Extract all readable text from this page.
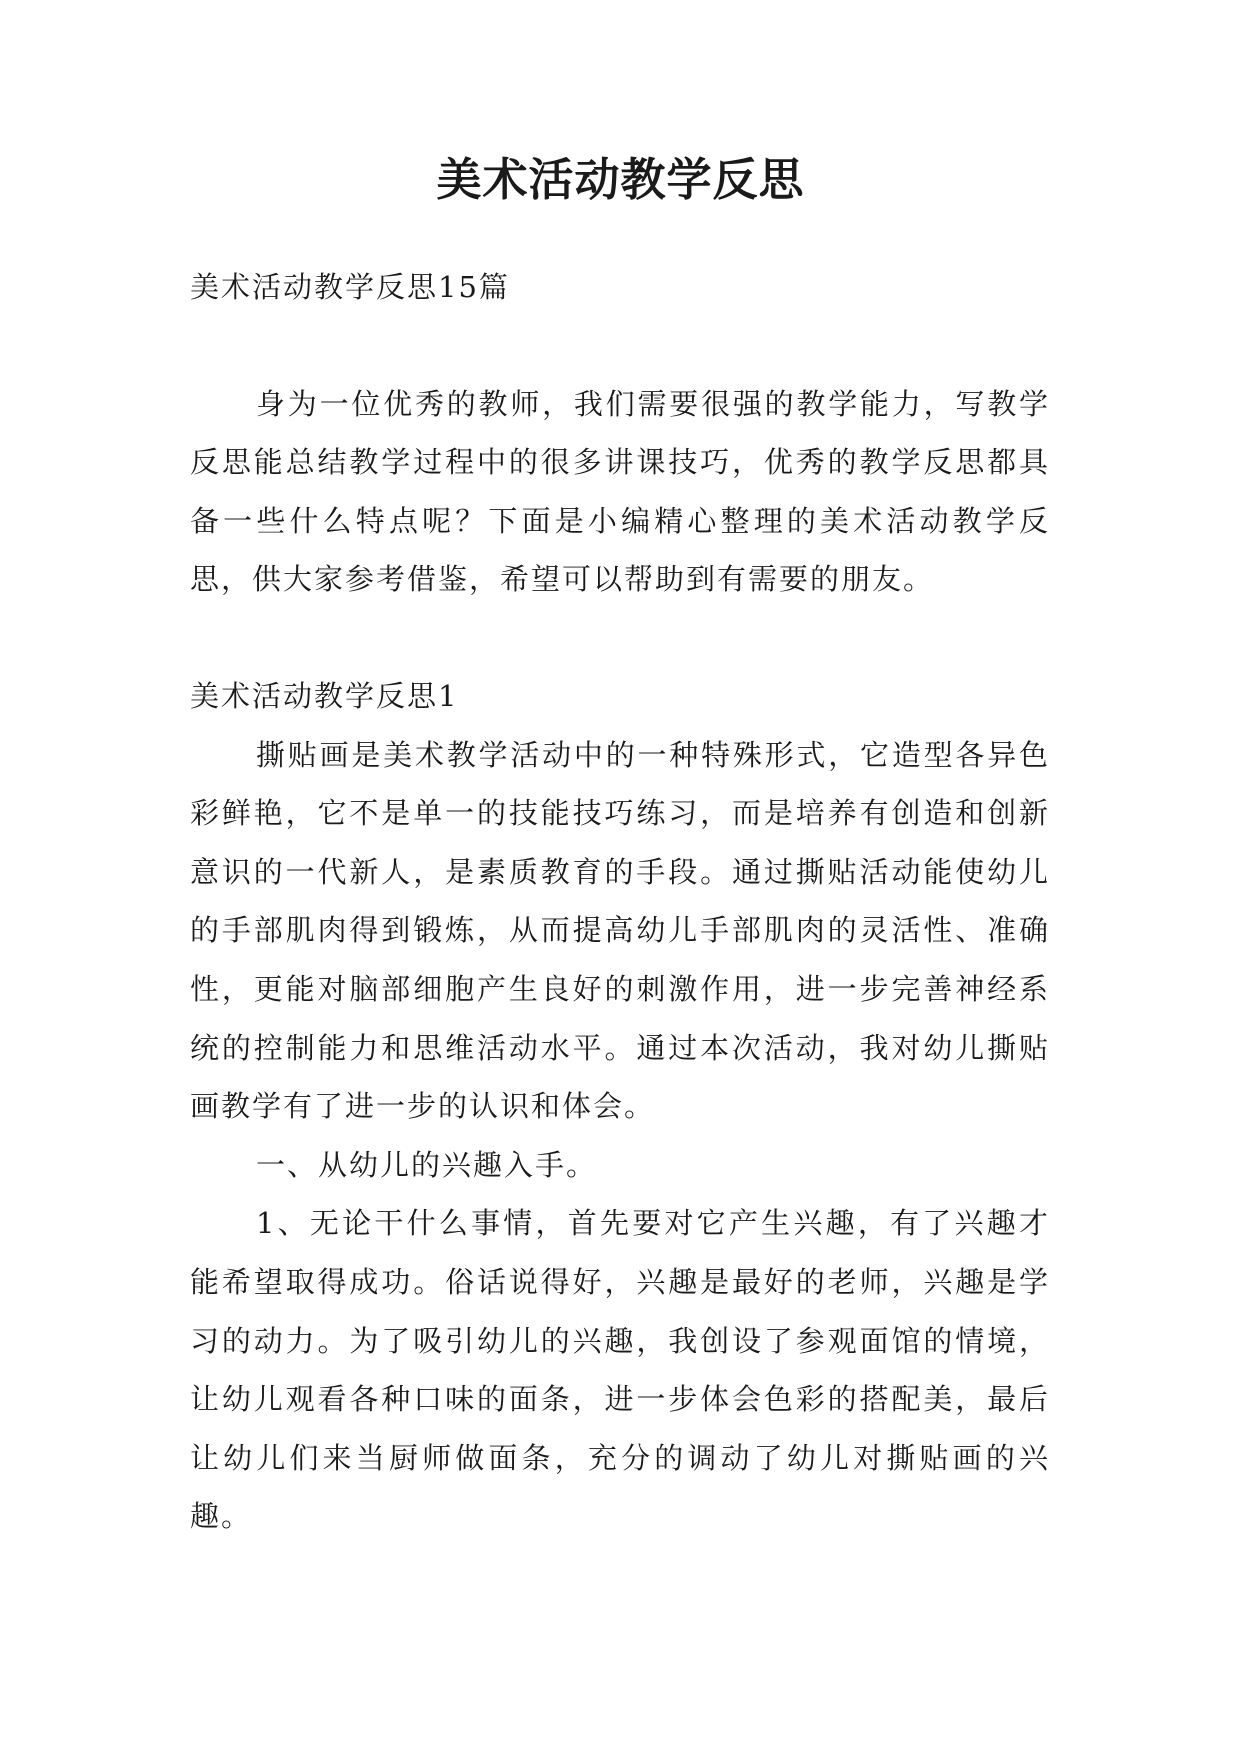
美术活动教学反思

美术活动教学反思15篇

身为一位优秀的教师，我们需要很强的教学能力，写教学反思能总结教学过程中的很多讲课技巧，优秀的教学反思都具备一些什么特点呢？下面是小编精心整理的美术活动教学反思，供大家参考借鉴，希望可以帮助到有需要的朋友。

美术活动教学反思1

撕贴画是美术教学活动中的一种特殊形式，它造型各异色彩鲜艳，它不是单一的技能技巧练习，而是培养有创造和创新意识的一代新人，是素质教育的手段。通过撕贴活动能使幼儿的手部肌肉得到锻炼，从而提高幼儿手部肌肉的灵活性、准确性，更能对脑部细胞产生良好的刺激作用，进一步完善神经系统的控制能力和思维活动水平。通过本次活动，我对幼儿撕贴画教学有了进一步的认识和体会。

一、从幼儿的兴趣入手。

1、无论干什么事情，首先要对它产生兴趣，有了兴趣才能希望取得成功。俗话说得好，兴趣是最好的老师，兴趣是学习的动力。为了吸引幼儿的兴趣，我创设了参观面馆的情境，让幼儿观看各种口味的面条，进一步体会色彩的搭配美，最后让幼儿们来当厨师做面条，充分的调动了幼儿对撕贴画的兴趣。
